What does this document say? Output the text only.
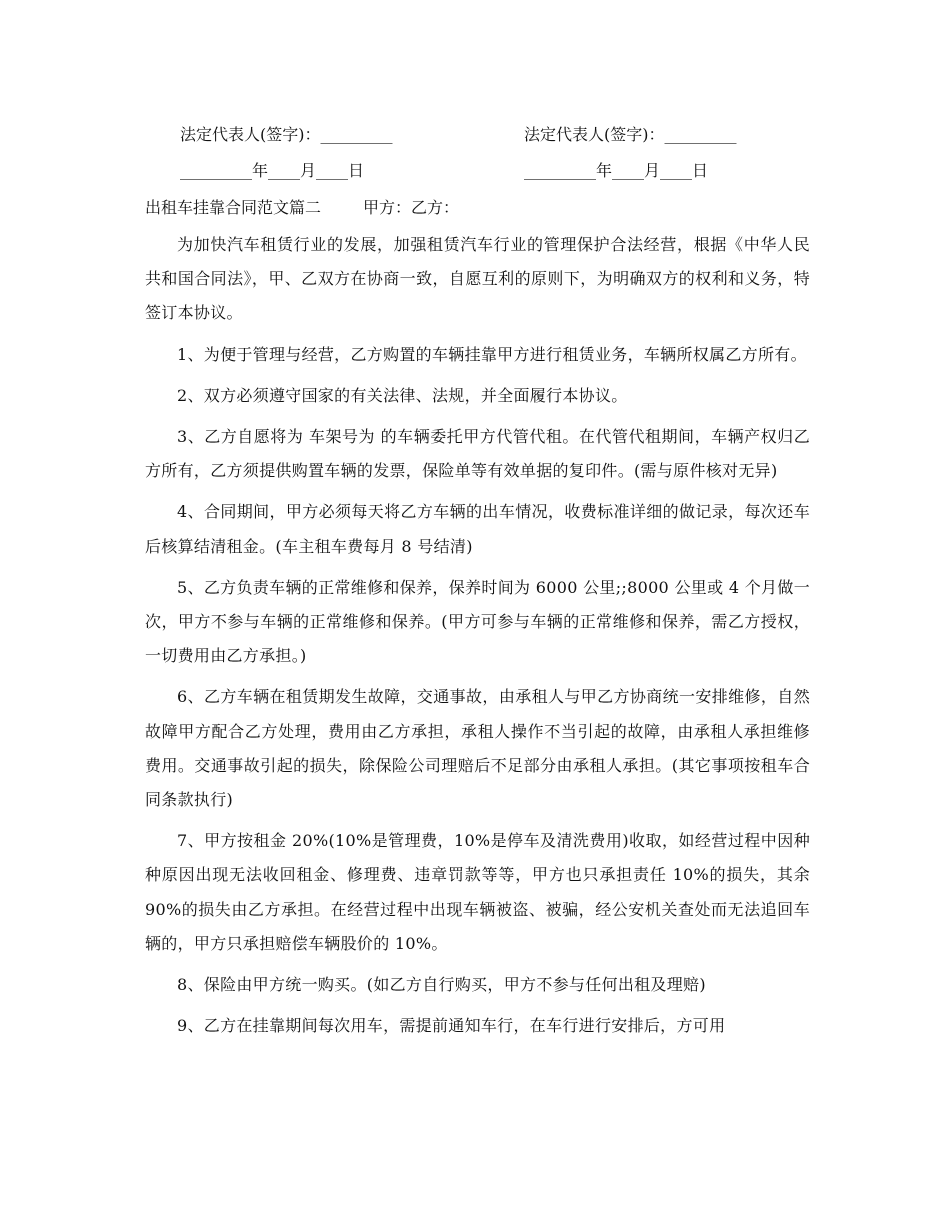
法定代表人(签字)：_________	法定代表人(签字)：_________
_________年____月____日	_________年____月____日
出租车挂靠合同范文篇二	甲方：乙方：

为加快汽车租赁行业的发展，加强租赁汽车行业的管理保护合法经营，根据《中华人民共和国合同法》，甲、乙双方在协商一致，自愿互利的原则下，为明确双方的权利和义务，特签订本协议。

1、为便于管理与经营，乙方购置的车辆挂靠甲方进行租赁业务，车辆所权属乙方所有。

2、双方必须遵守国家的有关法律、法规，并全面履行本协议。

3、乙方自愿将为 车架号为 的车辆委托甲方代管代租。在代管代租期间，车辆产权归乙方所有，乙方须提供购置车辆的发票，保险单等有效单据的复印件。(需与原件核对无异)

4、合同期间，甲方必须每天将乙方车辆的出车情况，收费标准详细的做记录，每次还车后核算结清租金。(车主租车费每月 8 号结清)

5、乙方负责车辆的正常维修和保养，保养时间为 6000 公里;;8000 公里或 4 个月做一次，甲方不参与车辆的正常维修和保养。(甲方可参与车辆的正常维修和保养，需乙方授权，一切费用由乙方承担。)

6、乙方车辆在租赁期发生故障，交通事故，由承租人与甲乙方协商统一安排维修，自然故障甲方配合乙方处理，费用由乙方承担，承租人操作不当引起的故障，由承租人承担维修费用。交通事故引起的损失，除保险公司理赔后不足部分由承租人承担。(其它事项按租车合同条款执行)

7、甲方按租金 20%(10%是管理费，10%是停车及清洗费用)收取，如经营过程中因种种原因出现无法收回租金、修理费、违章罚款等等，甲方也只承担责任 10%的损失，其余 90%的损失由乙方承担。在经营过程中出现车辆被盗、被骗，经公安机关查处而无法追回车辆的，甲方只承担赔偿车辆股价的 10%。

8、保险由甲方统一购买。(如乙方自行购买，甲方不参与任何出租及理赔)

9、乙方在挂靠期间每次用车，需提前通知车行，在车行进行安排后，方可用
